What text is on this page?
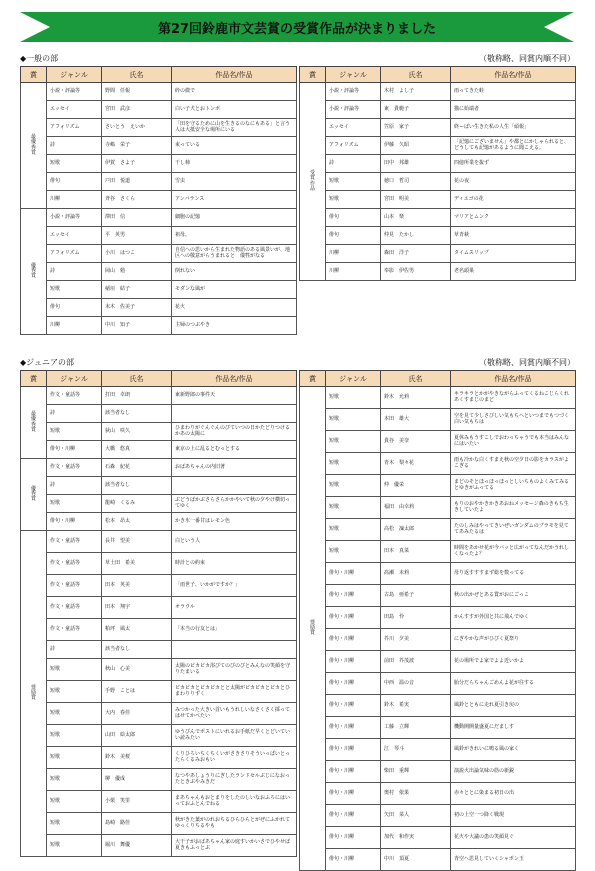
第27回鈴鹿市文芸賞の受賞作品が決まりました
◆一般の部	（敬称略、同賞内順不同）
賞	ジャンル	氏名	作品名/作品
最優秀賞	小説・評論等	野間　任報	砕の微で
	エッセイ	宮田　武彦	白い子犬とおトンボ
	アフォリズム	さいとう　えいか	「田を守るために山を生きるのなにもある」と言う人は大抵安全な場所にいる
	詩	寺嶋　栄子	束っている
	短歌	伊賀　さよ子	干し柿
	俳句	戸田　悦道	雪虫
	川柳	斉谷　さくら	アンバランス
優秀賞	小説・評論等	澤田　信	細胞の記憶
	エッセイ	平　英男	祖母。
	アフォリズム	小川　はつこ	自信への思いから生まれた物語のある風景いが、地区への敬意がらうまれると　儀牲がなる
	詩	岡山　勉	倒れない
	短歌	稲垣　結子	モダンな風が
	俳句	末木　佐美子	花火
	川柳	中川　知子	主婦のつぶやき
賞	ジャンル	氏名	作品名/作品
受賞作品	小説・評論等	木村　よし子	雨ってきた蛙
	小説・評論等	東　貴範子	猫に始端者
	エッセイ	笠原　家子	終ーばい生きた私の人生「頑報」
	アフォリズム	伊藤　久昭	「記憶にございません」や都とにかしゃられると、どうしても記憶があるように聞こえる。
	詩	田中　邦雄	四億所業を抜ず
	短歌	徳口　哲司	花の夜
	短歌	宮田　明美	ディエゴの花
	俳句	山本　楽	マリアとムンク
	俳句	仲見　たかし	草青萩
	川柳	森田　洋子	タイムスリップ
	川柳	奉影　伊佐男	老名頭巣
◆ジュニアの部	（敬称略、同賞内順不同）
賞	ジャンル	氏名	作品名/作品
最優秀賞	作文・童話等	打田　卓朗	東新野郎の事件天
	詩	該当者なし	
	短歌	荻山　咲久	ひまわりがぐんぐんのびていつの日かたどりつけるかあの太陽に
	俳句・川柳	大橋　悠真	東京の上に乱るとむっとする
優秀賞	作文・童話等	石森　紀花	おばあちゃんの内旧著
	詩	該当者なし	
	短歌	龍崎　くるみ	ぶどうばかぶさらさらかかやいて秋の夕やけ横切ってゆく
	俳句・川柳	松本　昂太	かき氷一番甘はレモン色
奨励賞	作文・童話等	長井　望美	白という人
	作文・童話等	草土田　希美	時計との約束
	作文・童話等	田本　英美	「雨世子、いかがですか？」
	作文・童話等	田本　翔宇	オラウル
	作文・童話等	粕坪　風太	「本当の行友とは」
	詩	該当者なし	
	短歌	秋山　心美	太陽のピカピカ浴びてのびのびとみんなの笑顔を守りたまいる
	短歌	手野　ことは	ピカピカとピカピカとと太陽がピカピカとピカとひまわりりずく
	短歌	大内　春佳	みつかった大きい首いもうれしいなさくさく採ってはせてかべたい
	短歌	山田　絵太郎	ゆうびんでポストにいれるお手紙だ早くとどいていい読みたい
	短歌	鈴木　美桜	くりひろいちくちくいがさきさりそういっぱいとったらくるみおもい
	短歌	堺　優成	なつやあしょうりにぎしたランドセルぶじになおったときぶやみきだ
	短歌	小栗　笑里	まあちゃんもおとまりをしたのしいなおふろにはいっておふとんでねる
	短歌	島崎　路佳	秋がきた葉がのれおちるひらひらとがぜにふかれてゆっくりちるやも
	短歌	堀川　舞優	大干子がおばあちゃん家の庭すいかいさでひやせば夏きもふっとぶ
賞	ジャンル	氏名	作品名/作品
奨励賞	短歌	鈴木　允莉	キラキラとかがやきながらふってくるねこじらくれあくすまじのまど
	短歌	本田　雄大	空を見て少しさびしい気もちへといつまでもつづく白い気もちは
	短歌	貴谷　美奈	夏休みもうすこしでおわっちゃうでも本当はみんなにはいたい
	短歌	青木　梨々花	雨も冷かな白くすまえ秋の空夕日の影をカラスがよこぎる
	短歌	仲　優栄	まどのそとほっほっほっとしいちものよくみてみるとゆきがふってる
	短歌	福田　由幸莉	もりのおやかきかきあおねメッセージ森のきもち生きしていたよ
	短歌	高松　凜太郎	たのしみはやってきいぜいガンダムのプラモを見ててあみたるは
	短歌	田本　真菜	時間をあかせ花が今バッと広がってなんだかうれしくなったよ？
	俳句・川柳	髙瀬　未莉	母り返すすすまず総を数ってる
	俳句・川柳	古島　亜希子	秋の出かぜとある賞がおにごっこ
	俳句・川柳	田島　怜	かんすすが外国と共に飛んでゆく
	俳句・川柳	芥川　夕美	にぎやかな声がひびく夏祭り
	俳句・川柳	前田　芥茂波	花の場所でよ家でよよ近いかよ
	俳句・川柳	中西　温の音	胎分だらちゃんごめんよ花が往する
	俳句・川柳	鈴木　希実	風鈴とともに走れ夏引き戻の
	俳句・川柳	工藤　立輝	機動開開量盛夏にだましす
	俳句・川柳	江　琴斗	風鈴がきれいに鳴る風の家く
	俳句・川柳	柴田　重輝	演説火出論気味の筋の新鋭
	俳句・川柳	奥村　依果	赤々ととに染まる初日の出
	俳句・川柳	矢田　菜人	初の上空一つ降く戦現
	俳句・川柳	加代　和作実	花火や大議の患の笑顔見ぐ
	俳句・川柳	中川　頂夏	青空へ思見していくシャボン玉
